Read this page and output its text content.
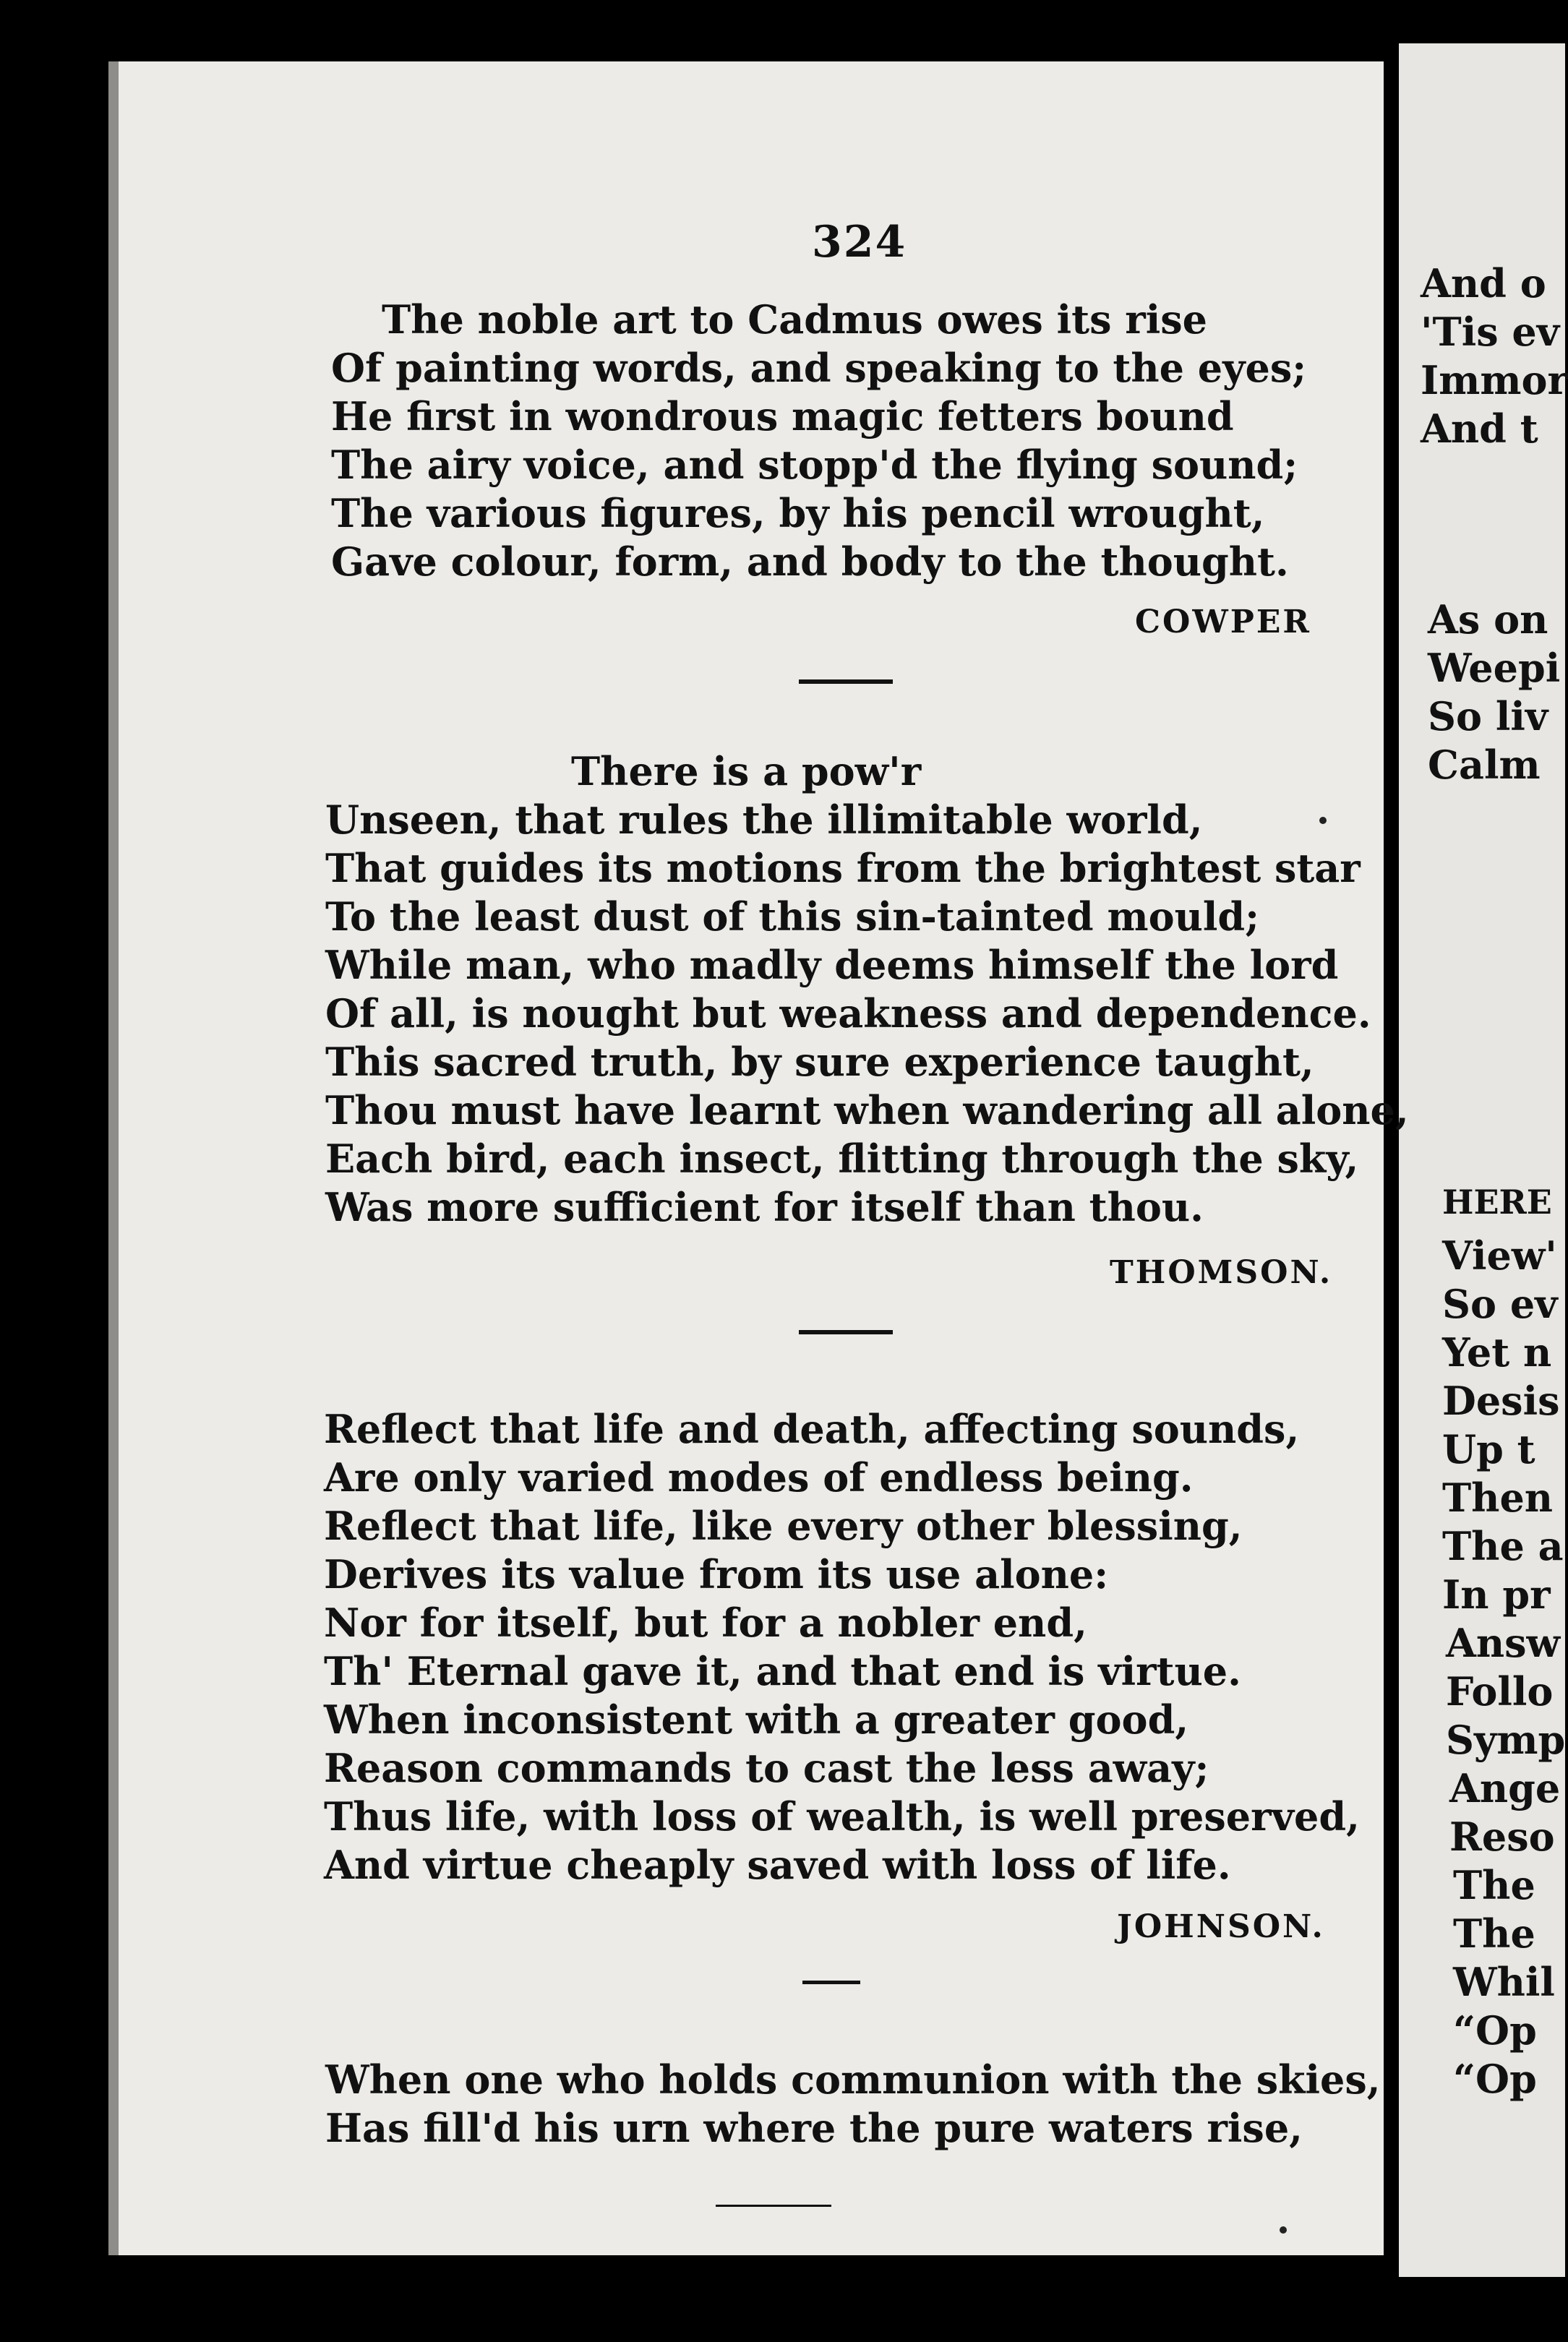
324
The noble art to Cadmus owes its rise
Of painting words, and speaking to the eyes;
He first in wondrous magic fetters bound
The airy voice, and stopp'd the flying sound;
The various figures, by his pencil wrought,
Gave colour, form, and body to the thought.
COWPER
There is a pow'r
Unseen, that rules the illimitable world,
That guides its motions from the brightest star
To the least dust of this sin-tainted mould;
While man, who madly deems himself the lord
Of all, is nought but weakness and dependence.
This sacred truth, by sure experience taught,
Thou must have learnt when wandering all alone,
Each bird, each insect, flitting through the sky,
Was more sufficient for itself than thou.
THOMSON.
Reflect that life and death, affecting sounds,
Are only varied modes of endless being.
Reflect that life, like every other blessing,
Derives its value from its use alone:
Nor for itself, but for a nobler end,
Th' Eternal gave it, and that end is virtue.
When inconsistent with a greater good,
Reason commands to cast the less away;
Thus life, with loss of wealth, is well preserved,
And virtue cheaply saved with loss of life.
JOHNSON.
When one who holds communion with the skies,
Has fill'd his urn where the pure waters rise,
And o
'Tis ev
Immor
And t
As on
Weepi
So liv
Calm
HERE
View'
So ev
Yet n
Desis
Up t
Then
The a
In pr
Answ
Follo
Symp
Ange
Reso
The
The
Whil
“Op
“Op
